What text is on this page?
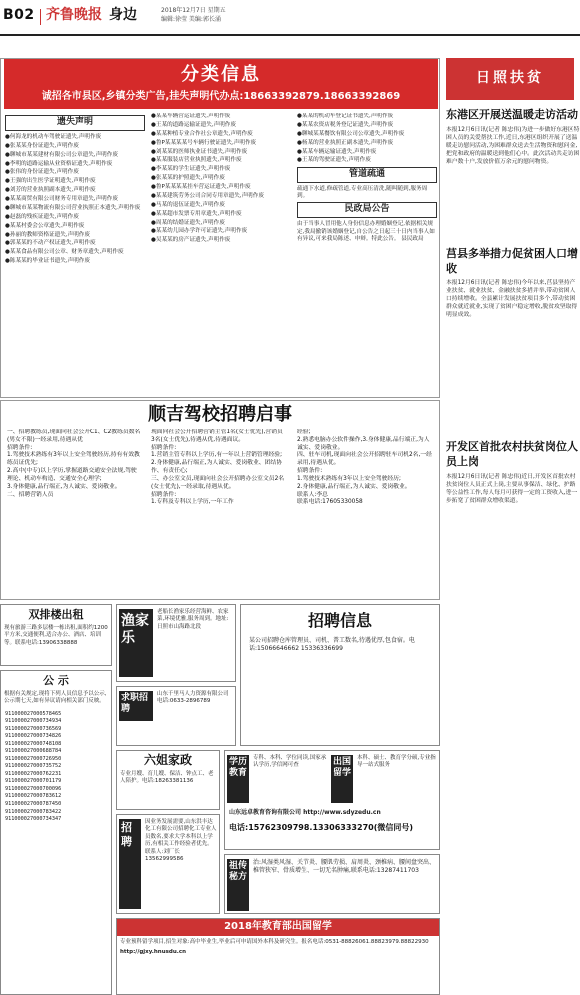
B02 齐鲁晚报 身边	2018年12月7日 星期五
编辑:徐莹 美编:郭长涌
分类信息
诚招各市县区,乡镇分类广告,挂失声明代办点:18663392879.18663392869
遗失声明

●何海龙的机动车驾驶证遗失,声明作废

●张某某身份证遗失,声明作废

●聊城市某某建材有限公司公章遗失,声明作废

●李明的道路运输从业资格证遗失,声明作废

●张伟的身份证遗失,声明作废

●王强的出生医学证明遗失,声明作废

●刘芳的营业执照副本遗失,声明作废

●某某商贸有限公司财务专用章遗失,声明作废

●聊城市某某物流有限公司营业执照正本遗失,声明作废

●赵磊的残疾证遗失,声明作废

●某某村委会公章遗失,声明作废

●孙丽的教师资格证遗失,声明作废

●郭某某的不动产权证遗失,声明作废

●某某食品有限公司公章、财务章遗失,声明作废

●陈某某的毕业证书遗失,声明作废

●某某车辆营运证遗失,声明作废

●王某的道路运输证遗失,声明作废

●某某种植专业合作社公章遗失,声明作废

●鲁P某某某某号车辆行驶证遗失,声明作废

●刘某某的医师执业证书遗失,声明作废

●某某服装店营业执照遗失,声明作废

●李某某的学生证遗失,声明作废

●张某某的护照遗失,声明作废

●鲁P某某某某挂车营运证遗失,声明作废

●某某建筑劳务公司合同专用章遗失,声明作废

●马某的退伍证遗失,声明作废

●某某超市发票专用章遗失,声明作废

●周某的结婚证遗失,声明作废

●某某幼儿园办学许可证遗失,声明作废

●吴某某的房产证遗失,声明作废

●某某的机动车登记证书遗失,声明作废

●某某农资店税务登记证遗失,声明作废

●聊城某某餐饮有限公司公章遗失,声明作废

●杨某的营业执照正副本遗失,声明作废

●某某车辆运输证遗失,声明作废

●王某的驾驶证遗失,声明作废

管道疏通

疏通下水道,修疏管道,专业高压清洗,随叫随到,服务周到。

民政局公告

由于当事人冒用他人身份信息办理婚姻登记,依据相关规定,我局撤销该婚姻登记,自公告之日起三十日内当事人如有异议,可来我局陈述、申辩。特此公告。 县民政局

顺吉驾校招聘启事

一、招聘教练员,现面向社会公开C1、C2教练员数名(男女不限)一经录用,待遇从优

招聘条件:

1.驾驶技术熟练有3年以上安全驾驶经历,持有有效教练员证优先;

2.高中(中专)以上学历,掌握道路交通安全法规,驾驶理论、机动车构造、交通安全心理学;

3.身体健康,品行端正,为人诚实、爱岗敬业。

二、招聘营销人员

现面向社会公开招聘营销主管1名(女士优先),营销员3名(女士优先),待遇从优,待遇面议。

招聘条件:

1.营销主管专科以上学历,有一年以上营销管理经验;

2.身体健康,品行端正,为人诚实、爱岗敬业、团结协作、有责任心;

三、办公室文员,现面向社会公开招聘办公室文员2名(女士优先),一经录取,待遇从优。

招聘条件:

1.专科及专科以上学历,一年工作

经验;

2.熟悉电脑办公软件操作,3.身体健康,品行端正,为人诚实、爱岗敬业。

四、驻车司机,现面向社会公开招聘驻车司机2名,一经录用,待遇从优。

招聘条件:

1.驾驶技术熟练有3年以上安全驾驶经历;

2.身体健康,品行端正,为人诚实、爱岗敬业。

联系人:李总

联系电话:17605330058

日照扶贫
东港区开展送温暖走访活动
本报12月6日讯(记者 陈忠伟)为进一步做好东港区特困人员的关爱帮扶工作,近日,东港区组织开展了送温暖走访慰问活动,为困难群众送去生活物资和慰问金,把党和政府的温暖送到他们心中。此次活动共走访困难户数十户,发放价值万余元的慰问物资。
莒县多举措力促贫困人口增收
本报12月6日讯(记者 陈忠伟)今年以来,莒县坚持产业扶贫、就业扶贫、金融扶贫多措并举,带动贫困人口持续增收。全县累计发展扶贫项目多个,带动贫困群众就近就业,实现了贫困户稳定增收,脱贫攻坚取得明显成效。
开发区首批农村扶贫岗位人员上岗
本报12月6日讯(记者 陈忠伟)近日,开发区首批农村扶贫岗位人员正式上岗,主要从事保洁、绿化、护路等公益性工作,每人每月可获得一定的工资收入,进一步拓宽了贫困群众增收渠道。
双排楼出租
现有旅游三路多层楼一栋出租,面积约1200平方米,交通便利,适合办公、酒店、培训等。联系电话:13906338888
公 示
根据有关规定,现将下列人员信息予以公示,公示期七天,如有异议请向相关部门反映。

911000027000578465

911000027000734934

911000027000736569

911000027000734826

911000027000748108

911000027000688784

911000027000726950

911000027000735752

911000027000762231

911000027000701179

911000027000700096

911000027000783612

911000027000787450

911000027000783422

911000027000734347

渔家乐
老船长渔家乐经营海鲜、农家菜,环境优雅,服务周到。地址:日照市山海路北段
求职招聘
山东千里马人力资源有限公司 电话:0633-2896789
招聘信息
某公司招聘仓库管理员、司机、普工数名,待遇优厚,包食宿。电话:15066646662 15336336699
六姐家政
专业月嫂、育儿嫂、保洁、钟点工、老人陪护。电话:18263381136
学历教育
专科、本科、学位同读,国家承认学历,学信网可查	出国留学
本科、硕士、教育学分硕,专业指导一站式服务
山东远卓教育咨询有限公司 http://www.sdyzedu.cn
电话:15762309798.13306333270(微信同号)
招聘
因业务发展需要,山东洪丰达化工有限公司招聘化工专业人员数名,要求大学本科以上学历,有相关工作经验者优先。联系人:刘厂长 13562999586
祖传秘方
治:风湿类风湿、关节炎、腰肌劳损、肩周炎、颈椎病、腰间盘突出、椎管狭窄、骨质增生、一切无名肿痛,联系电话:13287411703
2018年教育部出国留学
专业预科留学项目,招生对象:高中毕业生,毕业后可申请国外本科及研究生。报名电话:0531-88826061.88823979.88822930
http://gjxy.hnusdu.cn
